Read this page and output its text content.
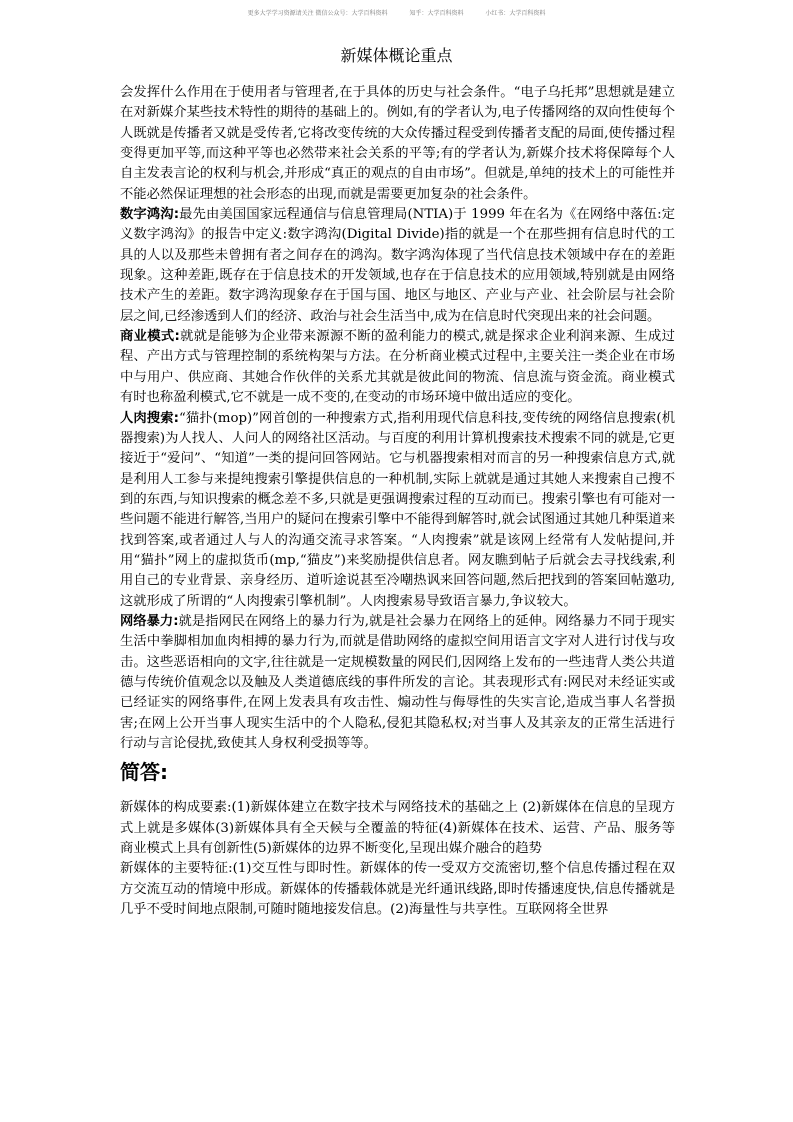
更多大学学习资源请关注 微信公众号：大学百科资料	知乎：大学百科资料	小红书：大学百科资料
新媒体概论重点

会发挥什么作用在于使用者与管理者,在于具体的历史与社会条件。“电子乌托邦”思想就是建立在对新媒介某些技术特性的期待的基础上的。例如,有的学者认为,电子传播网络的双向性使每个人既就是传播者又就是受传者,它将改变传统的大众传播过程受到传播者支配的局面,使传播过程变得更加平等,而这种平等也必然带来社会关系的平等;有的学者认为,新媒介技术将保障每个人自主发表言论的权利与机会,并形成“真正的观点的自由市场”。但就是,单纯的技术上的可能性并不能必然保证理想的社会形态的出现,而就是需要更加复杂的社会条件。

数字鸿沟:最先由美国国家远程通信与信息管理局(NTIA)于 1999 年在名为《在网络中落伍:定义数字鸿沟》的报告中定义:数字鸿沟(Digital Divide)指的就是一个在那些拥有信息时代的工具的人以及那些未曾拥有者之间存在的鸿沟。数字鸿沟体现了当代信息技术领域中存在的差距现象。这种差距,既存在于信息技术的开发领域,也存在于信息技术的应用领域,特别就是由网络技术产生的差距。数字鸿沟现象存在于国与国、地区与地区、产业与产业、社会阶层与社会阶层之间,已经渗透到人们的经济、政治与社会生活当中,成为在信息时代突现出来的社会问题。

商业模式:就就是能够为企业带来源源不断的盈利能力的模式,就是探求企业利润来源、生成过程、产出方式与管理控制的系统构架与方法。在分析商业模式过程中,主要关注一类企业在市场中与用户、供应商、其她合作伙伴的关系尤其就是彼此间的物流、信息流与资金流。商业模式有时也称盈利模式,它不就是一成不变的,在变动的市场环境中做出适应的变化。

人肉搜索:“猫扑(mop)”网首创的一种搜索方式,指利用现代信息科技,变传统的网络信息搜索(机器搜索)为人找人、人问人的网络社区活动。与百度的利用计算机搜索技术搜索不同的就是,它更接近于“爱问”、“知道”一类的提问回答网站。它与机器搜索相对而言的另一种搜索信息方式,就是利用人工参与来提纯搜索引擎提供信息的一种机制,实际上就就是通过其她人来搜索自己搜不到的东西,与知识搜索的概念差不多,只就是更强调搜索过程的互动而已。搜索引擎也有可能对一些问题不能进行解答,当用户的疑问在搜索引擎中不能得到解答时,就会试图通过其她几种渠道来找到答案,或者通过人与人的沟通交流寻求答案。“人肉搜索”就是该网上经常有人发帖提问,并用“猫扑”网上的虚拟货币(mp,“猫皮”)来奖励提供信息者。网友瞧到帖子后就会去寻找线索,利用自己的专业背景、亲身经历、道听途说甚至冷嘲热讽来回答问题,然后把找到的答案回帖邀功,这就形成了所谓的“人肉搜索引擎机制”。人肉搜索易导致语言暴力,争议较大。

网络暴力:就是指网民在网络上的暴力行为,就是社会暴力在网络上的延伸。网络暴力不同于现实生活中拳脚相加血肉相搏的暴力行为,而就是借助网络的虚拟空间用语言文字对人进行讨伐与攻击。这些恶语相向的文字,往往就是一定规模数量的网民们,因网络上发布的一些违背人类公共道德与传统价值观念以及触及人类道德底线的事件所发的言论。其表现形式有:网民对未经证实或已经证实的网络事件,在网上发表具有攻击性、煽动性与侮辱性的失实言论,造成当事人名誉损害;在网上公开当事人现实生活中的个人隐私,侵犯其隐私权;对当事人及其亲友的正常生活进行行动与言论侵扰,致使其人身权利受损等等。

简答:

新媒体的构成要素:(1)新媒体建立在数字技术与网络技术的基础之上 (2)新媒体在信息的呈现方式上就是多媒体(3)新媒体具有全天候与全覆盖的特征(4)新媒体在技术、运营、产品、服务等商业模式上具有创新性(5)新媒体的边界不断变化,呈现出媒介融合的趋势

新媒体的主要特征:(1)交互性与即时性。新媒体的传一受双方交流密切,整个信息传播过程在双方交流互动的情境中形成。新媒体的传播载体就是光纤通讯线路,即时传播速度快,信息传播就是几乎不受时间地点限制,可随时随地接发信息。(2)海量性与共享性。互联网将全世界
